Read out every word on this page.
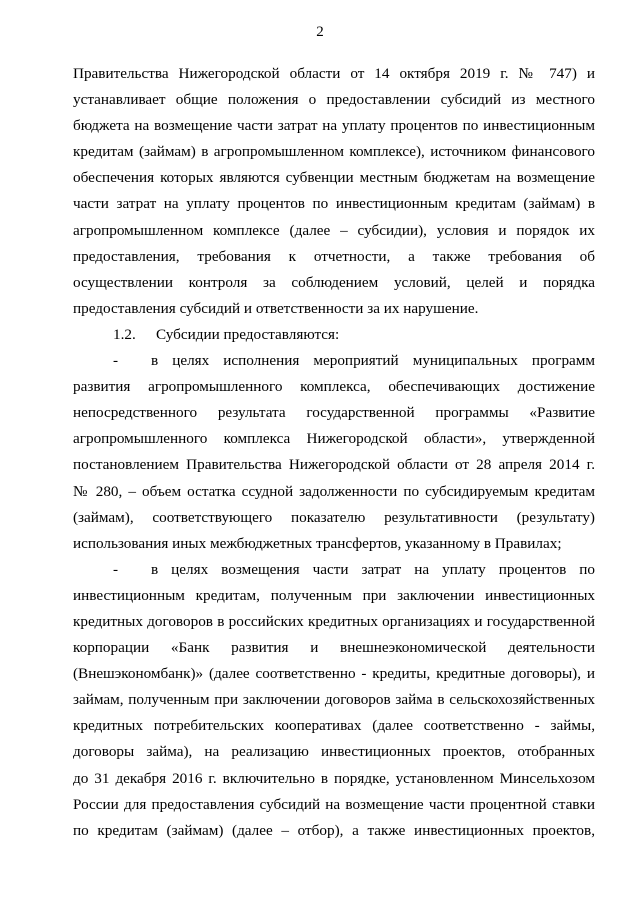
2
Правительства Нижегородской области от 14 октября 2019 г. № 747) и
устанавливает общие положения о предоставлении субсидий из местного
бюджета на возмещение части затрат на уплату процентов по инвестиционным
кредитам (займам) в агропромышленном комплексе), источником финансового
обеспечения которых являются субвенции местным бюджетам на возмещение
части затрат на уплату процентов по инвестиционным кредитам (займам) в
агропромышленном комплексе (далее – субсидии), условия и порядок их
предоставления, требования к отчетности, а также требования об
осуществлении контроля за соблюдением условий, целей и порядка
предоставления субсидий и ответственности за их нарушение.
1.2. Субсидии предоставляются:
- в целях исполнения мероприятий муниципальных программ
развития агропромышленного комплекса, обеспечивающих достижение
непосредственного результата государственной программы «Развитие
агропромышленного комплекса Нижегородской области», утвержденной
постановлением Правительства Нижегородской области от 28 апреля 2014 г.
№ 280, – объем остатка ссудной задолженности по субсидируемым кредитам
(займам), соответствующего показателю результативности (результату)
использования иных межбюджетных трансфертов, указанному в Правилах;
- в целях возмещения части затрат на уплату процентов по
инвестиционным кредитам, полученным при заключении инвестиционных
кредитных договоров в российских кредитных организациях и государственной
корпорации «Банк развития и внешнеэкономической деятельности
(Внешэкономбанк)» (далее соответственно - кредиты, кредитные договоры), и
займам, полученным при заключении договоров займа в сельскохозяйственных
кредитных потребительских кооперативах (далее соответственно - займы,
договоры займа), на реализацию инвестиционных проектов, отобранных
до 31 декабря 2016 г. включительно в порядке, установленном Минсельхозом
России для предоставления субсидий на возмещение части процентной ставки
по кредитам (займам) (далее – отбор), а также инвестиционных проектов,
